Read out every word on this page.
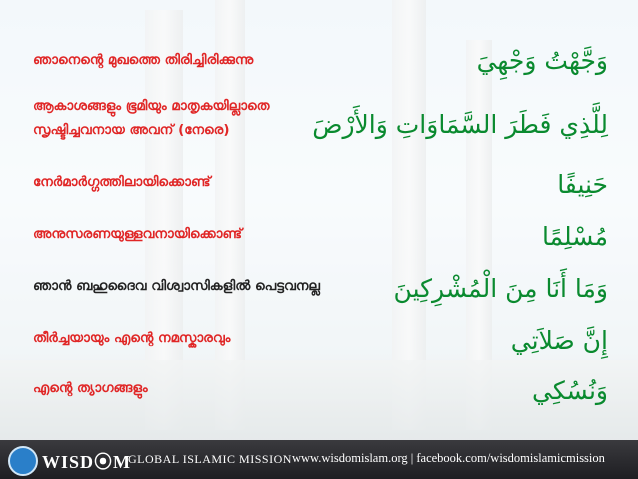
ഞാനെന്റെ മുഖത്തെ തിരിച്ചിരിക്കുന്നു	وَجَّهْتُ وَجْهِيَ
ആകാശങ്ങളും ഭൂമിയും മാതൃകയില്ലാതെ
സൃഷ്ടിച്ചവനായ അവന് (നേരെ)	لِلَّذِي فَطَرَ السَّمَاوَاتِ وَالأَرْضَ
നേർമാർഗ്ഗത്തിലായിക്കൊണ്ട്	حَنِيفًا
അനുസരണയുള്ളവനായിക്കൊണ്ട്	مُسْلِمًا
ഞാൻ ബഹുദൈവ വിശ്വാസികളിൽ പെട്ടവനല്ല	وَمَا أَنَا مِنَ الْمُشْرِكِينَ
തീർച്ചയായും എന്റെ നമസ്കാരവും	إِنَّ صَلاَتِي
എന്റെ ത്യാഗങ്ങളും	وَنُسُكِي
WISD⦿M
GLOBAL ISLAMIC MISSION www.wisdomislam.org | facebook.com/wisdomislamicmission
